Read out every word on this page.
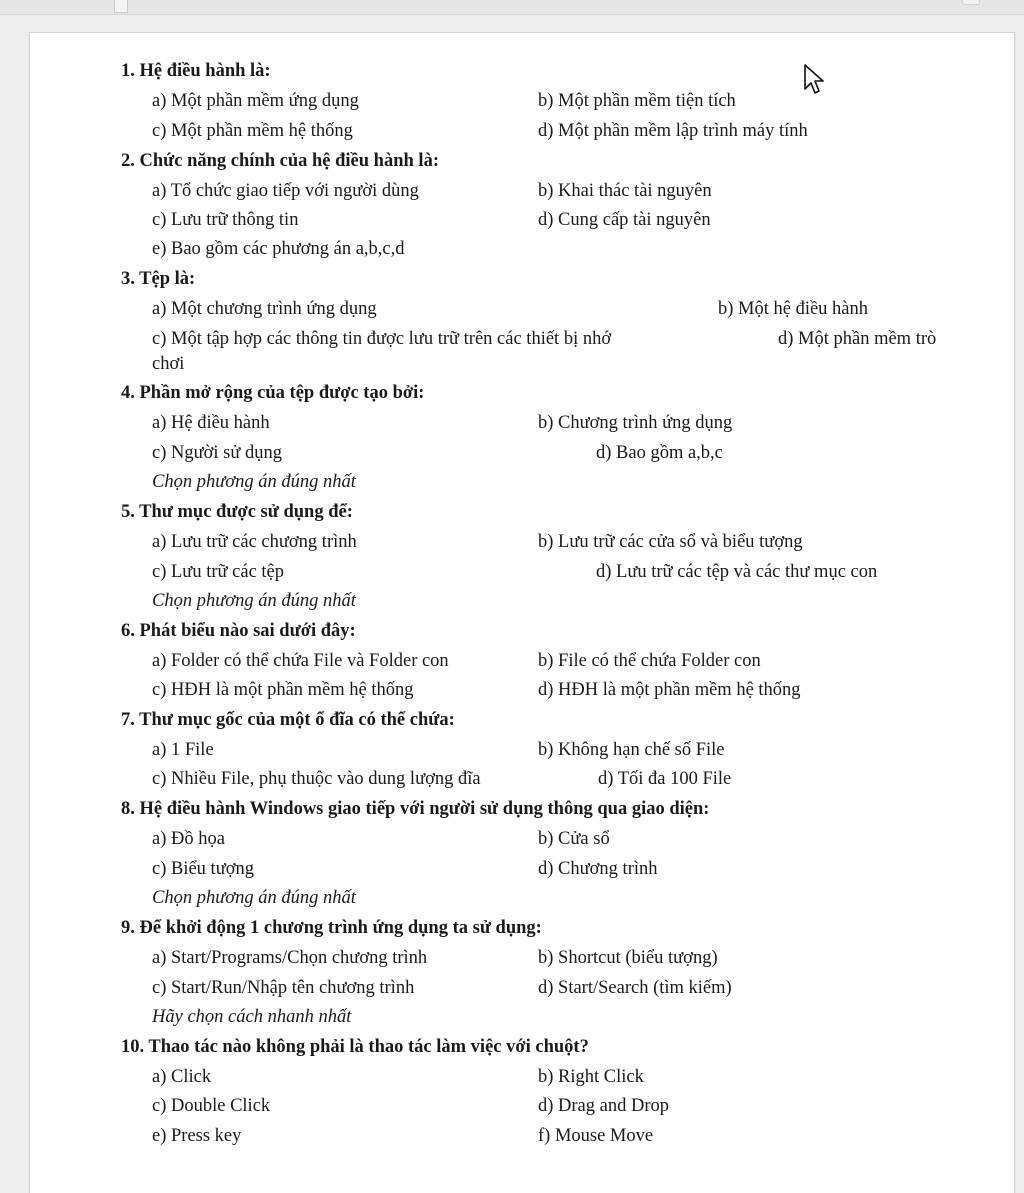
1. Hệ điều hành là:
a) Một phần mềm ứng dụng	b) Một phần mềm tiện tích
c) Một phần mềm hệ thống	d) Một phần mềm lập trình máy tính
2. Chức năng chính của hệ điều hành là:
a) Tổ chức giao tiếp với người dùng	b) Khai thác tài nguyên
c) Lưu trữ thông tin	d) Cung cấp tài nguyên
e) Bao gồm các phương án a,b,c,d
3. Tệp là:
a) Một chương trình ứng dụng	b) Một hệ điều hành
c) Một tập hợp các thông tin được lưu trữ trên các thiết bị nhớ	d) Một phần mềm trò
chơi
4. Phần mở rộng của tệp được tạo bởi:
a) Hệ điều hành	b) Chương trình ứng dụng
c) Người sử dụng	d) Bao gồm a,b,c
Chọn phương án đúng nhất
5. Thư mục được sử dụng để:
a) Lưu trữ các chương trình	b) Lưu trữ các cửa sổ và biểu tượng
c) Lưu trữ các tệp	d) Lưu trữ các tệp và các thư mục con
Chọn phương án đúng nhất
6. Phát biểu nào sai dưới đây:
a) Folder có thể chứa File và Folder con	b) File có thể chứa Folder con
c) HĐH là một phần mềm hệ thống	d) HĐH là một phần mềm hệ thống
7. Thư mục gốc của một ổ đĩa có thể chứa:
a) 1 File	b) Không hạn chế số File
c) Nhiều File, phụ thuộc vào dung lượng đĩa	d) Tối đa 100 File
8. Hệ điều hành Windows giao tiếp với người sử dụng thông qua giao diện:
a) Đồ họa	b) Cửa sổ
c) Biểu tượng	d) Chương trình
Chọn phương án đúng nhất
9. Để khởi động 1 chương trình ứng dụng ta sử dụng:
a) Start/Programs/Chọn chương trình	b) Shortcut (biểu tượng)
c) Start/Run/Nhập tên chương trình	d) Start/Search (tìm kiếm)
Hãy chọn cách nhanh nhất
10. Thao tác nào không phải là thao tác làm việc với chuột?
a) Click	b) Right Click
c) Double Click	d) Drag and Drop
e) Press key	f) Mouse Move
